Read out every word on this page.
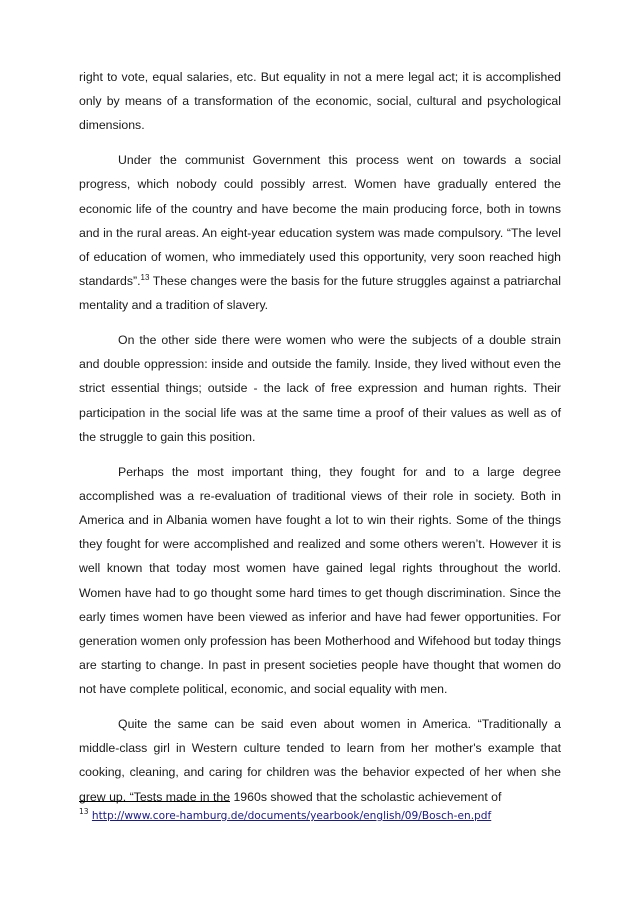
right to vote, equal salaries, etc. But equality in not a mere legal act; it is accomplished only by means of a transformation of the economic, social, cultural and psychological dimensions.

Under the communist Government this process went on towards a social progress, which nobody could possibly arrest. Women have gradually entered the economic life of the country and have become the main producing force, both in towns and in the rural areas. An eight-year education system was made compulsory. “The level of education of women, who immediately used this opportunity, very soon reached high standards”.$^{13}$ These changes were the basis for the future struggles against a patriarchal mentality and a tradition of slavery.

On the other side there were women who were the subjects of a double strain and double oppression: inside and outside the family. Inside, they lived without even the strict essential things; outside - the lack of free expression and human rights. Their participation in the social life was at the same time a proof of their values as well as of the struggle to gain this position.

Perhaps the most important thing, they fought for and to a large degree accomplished was a re-evaluation of traditional views of their role in society. Both in America and in Albania women have fought a lot to win their rights. Some of the things they fought for were accomplished and realized and some others weren’t. However it is well known that today most women have gained legal rights throughout the world. Women have had to go thought some hard times to get though discrimination. Since the early times women have been viewed as inferior and have had fewer opportunities. For generation women only profession has been Motherhood and Wifehood but today things are starting to change. In past in present societies people have thought that women do not have complete political, economic, and social equality with men.

Quite the same can be said even about women in America. “Traditionally a middle-class girl in Western culture tended to learn from her mother's example that cooking, cleaning, and caring for children was the behavior expected of her when she grew up. “Tests made in the 1960s showed that the scholastic achievement of

$^{13}$ http://www.core-hamburg.de/documents/yearbook/english/09/Bosch-en.pdf
